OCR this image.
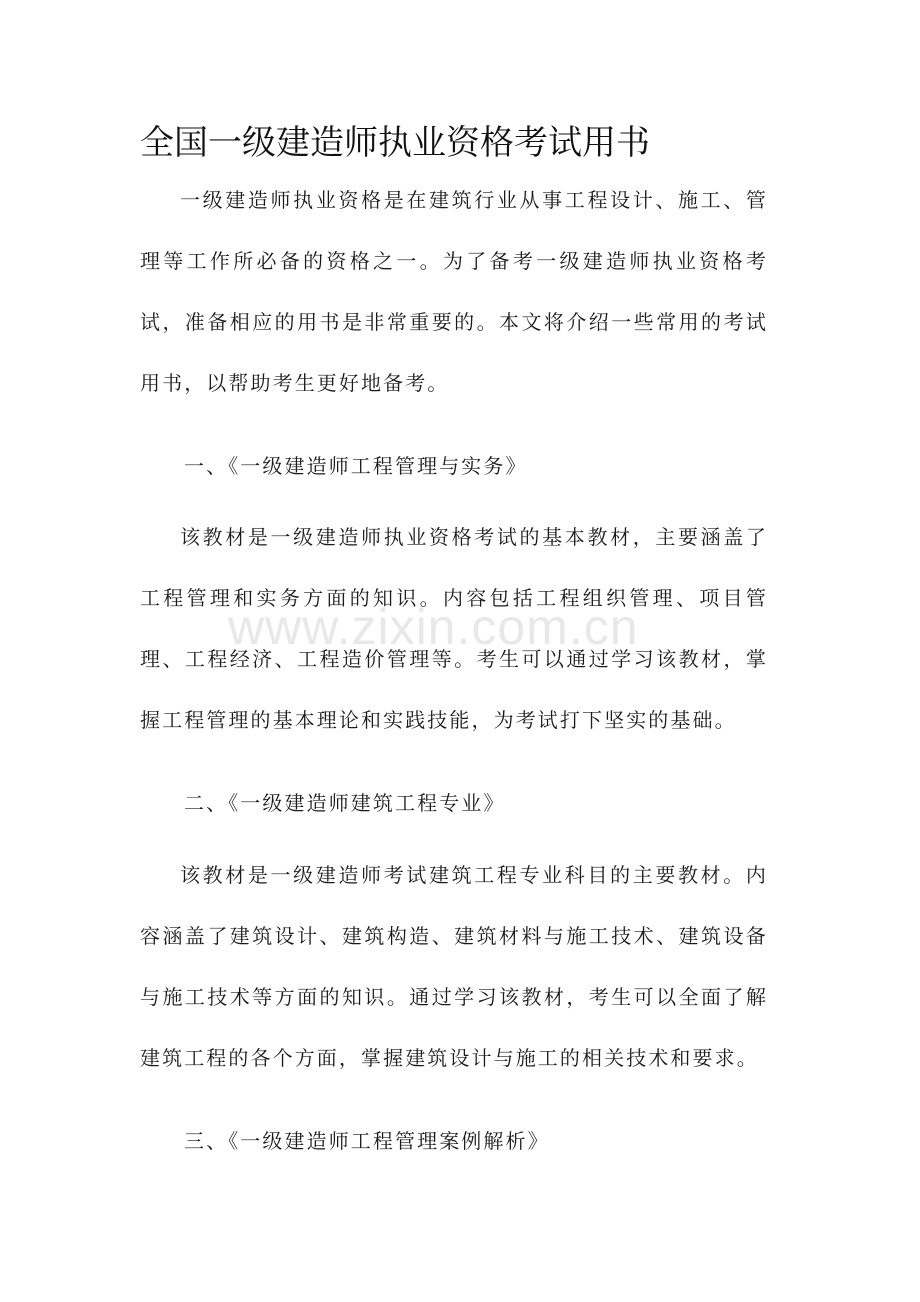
全国一级建造师执业资格考试用书

一级建造师执业资格是在建筑行业从事工程设计、施工、管理等工作所必备的资格之一。为了备考一级建造师执业资格考试，准备相应的用书是非常重要的。本文将介绍一些常用的考试用书，以帮助考生更好地备考。

一、《一级建造师工程管理与实务》

该教材是一级建造师执业资格考试的基本教材，主要涵盖了工程管理和实务方面的知识。内容包括工程组织管理、项目管理、工程经济、工程造价管理等。考生可以通过学习该教材，掌握工程管理的基本理论和实践技能，为考试打下坚实的基础。

二、《一级建造师建筑工程专业》

该教材是一级建造师考试建筑工程专业科目的主要教材。内容涵盖了建筑设计、建筑构造、建筑材料与施工技术、建筑设备与施工技术等方面的知识。通过学习该教材，考生可以全面了解建筑工程的各个方面，掌握建筑设计与施工的相关技术和要求。

三、《一级建造师工程管理案例解析》

www.zixin.com.cn
